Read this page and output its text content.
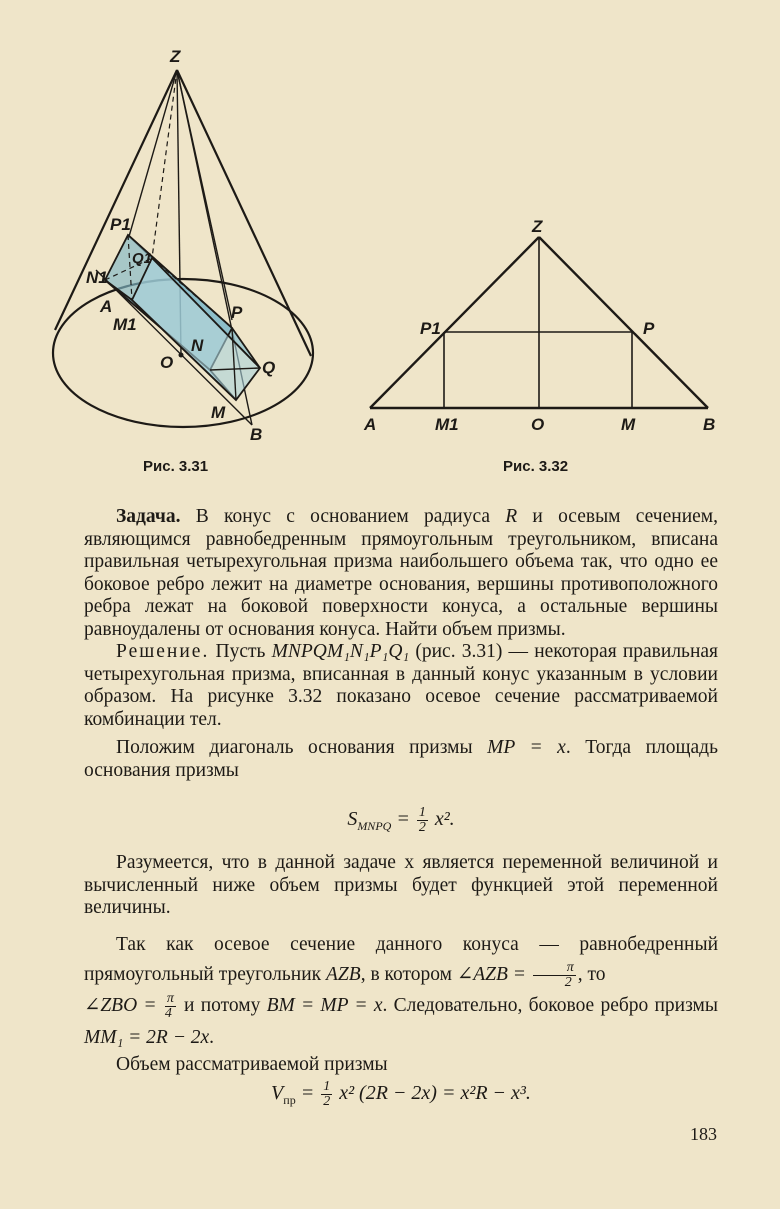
Z
P1
N1
Q1
A
M1
P
O
N
Q
M
B
Рис. 3.31
Z
P1	P
A	M1	O	M	B
Рис. 3.32

Задача. В конус с основанием радиуса R и осевым сечением, являющимся равнобедренным прямоугольным треугольником, вписана правильная четырехугольная призма наибольшего объема так, что одно ее боковое ребро лежит на диаметре основания, вершины противоположного ребра лежат на боковой поверхности конуса, а остальные вершины равноудалены от основания конуса. Найти объем призмы.

Решение. Пусть MNPQM₁N₁P₁Q₁ (рис. 3.31) — некоторая правильная четырехугольная призма, вписанная в данный конус указанным в условии образом. На рисунке 3.32 показано осевое сечение рассматриваемой комбинации тел.

Положим диагональ основания призмы MP = x. Тогда площадь основания призмы

$S_{MNPQ} = \frac{1}{2} x^2$.

Разумеется, что в данной задаче x является переменной величиной и вычисленный ниже объем призмы будет функцией этой переменной величины.

Так как осевое сечение данного конуса — равнобедренный прямоугольный треугольник AZB, в котором ∠AZB = $\frac{\pi}{2}$ , то

∠ZBO = $\frac{\pi}{4}$ и потому BM = MP = x. Следовательно, боковое ребро призмы MM₁ = 2R − 2x.

Объем рассматриваемой призмы

$V_{пр} = \frac{1}{2} x^2$ (2R − 2x) = x²R − x³.

183
